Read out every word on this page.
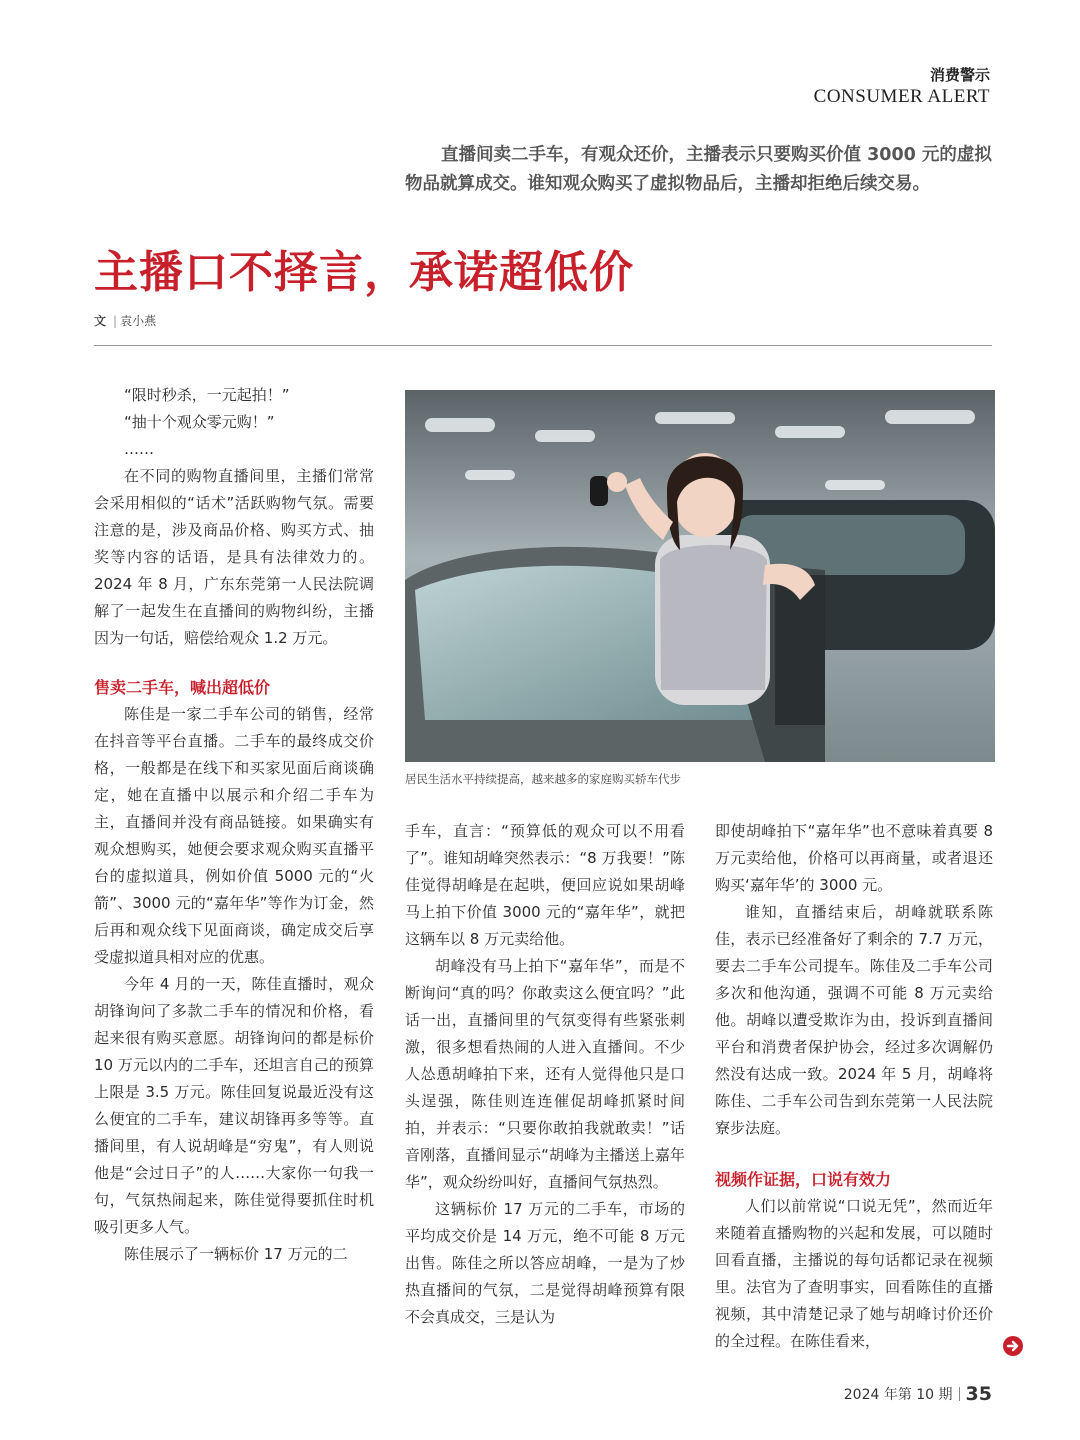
消费警示
CONSUMER ALERT

直播间卖二手车，有观众还价，主播表示只要购买价值 3000 元的虚拟物品就算成交。谁知观众购买了虚拟物品后，主播却拒绝后续交易。

主播口不择言，承诺超低价
文 | 袁小燕

“限时秒杀，一元起拍！”

“抽十个观众零元购！”

……

在不同的购物直播间里，主播们常常会采用相似的“话术”活跃购物气氛。需要注意的是，涉及商品价格、购买方式、抽奖等内容的话语，是具有法律效力的。2024 年 8 月，广东东莞第一人民法院调解了一起发生在直播间的购物纠纷，主播因为一句话，赔偿给观众 1.2 万元。

售卖二手车，喊出超低价

陈佳是一家二手车公司的销售，经常在抖音等平台直播。二手车的最终成交价格，一般都是在线下和买家见面后商谈确定，她在直播中以展示和介绍二手车为主，直播间并没有商品链接。如果确实有观众想购买，她便会要求观众购买直播平台的虚拟道具，例如价值 5000 元的“火箭”、3000 元的“嘉年华”等作为订金，然后再和观众线下见面商谈，确定成交后享受虚拟道具相对应的优惠。

今年 4 月的一天，陈佳直播时，观众胡锋询问了多款二手车的情况和价格，看起来很有购买意愿。胡锋询问的都是标价 10 万元以内的二手车，还坦言自己的预算上限是 3.5 万元。陈佳回复说最近没有这么便宜的二手车，建议胡锋再多等等。直播间里，有人说胡峰是“穷鬼”，有人则说他是“会过日子”的人……大家你一句我一句，气氛热闹起来，陈佳觉得要抓住时机吸引更多人气。

陈佳展示了一辆标价 17 万元的二

居民生活水平持续提高，越来越多的家庭购买轿车代步

手车，直言：“预算低的观众可以不用看了”。谁知胡峰突然表示：“8 万我要！”陈佳觉得胡峰是在起哄，便回应说如果胡峰马上拍下价值 3000 元的“嘉年华”，就把这辆车以 8 万元卖给他。

胡峰没有马上拍下“嘉年华”，而是不断询问“真的吗？你敢卖这么便宜吗？”此话一出，直播间里的气氛变得有些紧张刺激，很多想看热闹的人进入直播间。不少人怂恿胡峰拍下来，还有人觉得他只是口头逞强，陈佳则连连催促胡峰抓紧时间拍，并表示：“只要你敢拍我就敢卖！”话音刚落，直播间显示“胡峰为主播送上嘉年华”，观众纷纷叫好，直播间气氛热烈。

这辆标价 17 万元的二手车，市场的平均成交价是 14 万元，绝不可能 8 万元出售。陈佳之所以答应胡峰，一是为了炒热直播间的气氛，二是觉得胡峰预算有限不会真成交，三是认为

即使胡峰拍下“嘉年华”也不意味着真要 8 万元卖给他，价格可以再商量，或者退还购买‘嘉年华’的 3000 元。

谁知，直播结束后，胡峰就联系陈佳，表示已经准备好了剩余的 7.7 万元，要去二手车公司提车。陈佳及二手车公司多次和他沟通，强调不可能 8 万元卖给他。胡峰以遭受欺诈为由，投诉到直播间平台和消费者保护协会，经过多次调解仍然没有达成一致。2024 年 5 月，胡峰将陈佳、二手车公司告到东莞第一人民法院寮步法庭。

视频作证据，口说有效力

人们以前常说“口说无凭”，然而近年来随着直播购物的兴起和发展，可以随时回看直播，主播说的每句话都记录在视频里。法官为了查明事实，回看陈佳的直播视频，其中清楚记录了她与胡峰讨价还价的全过程。在陈佳看来，

2024 年第 10 期 35
